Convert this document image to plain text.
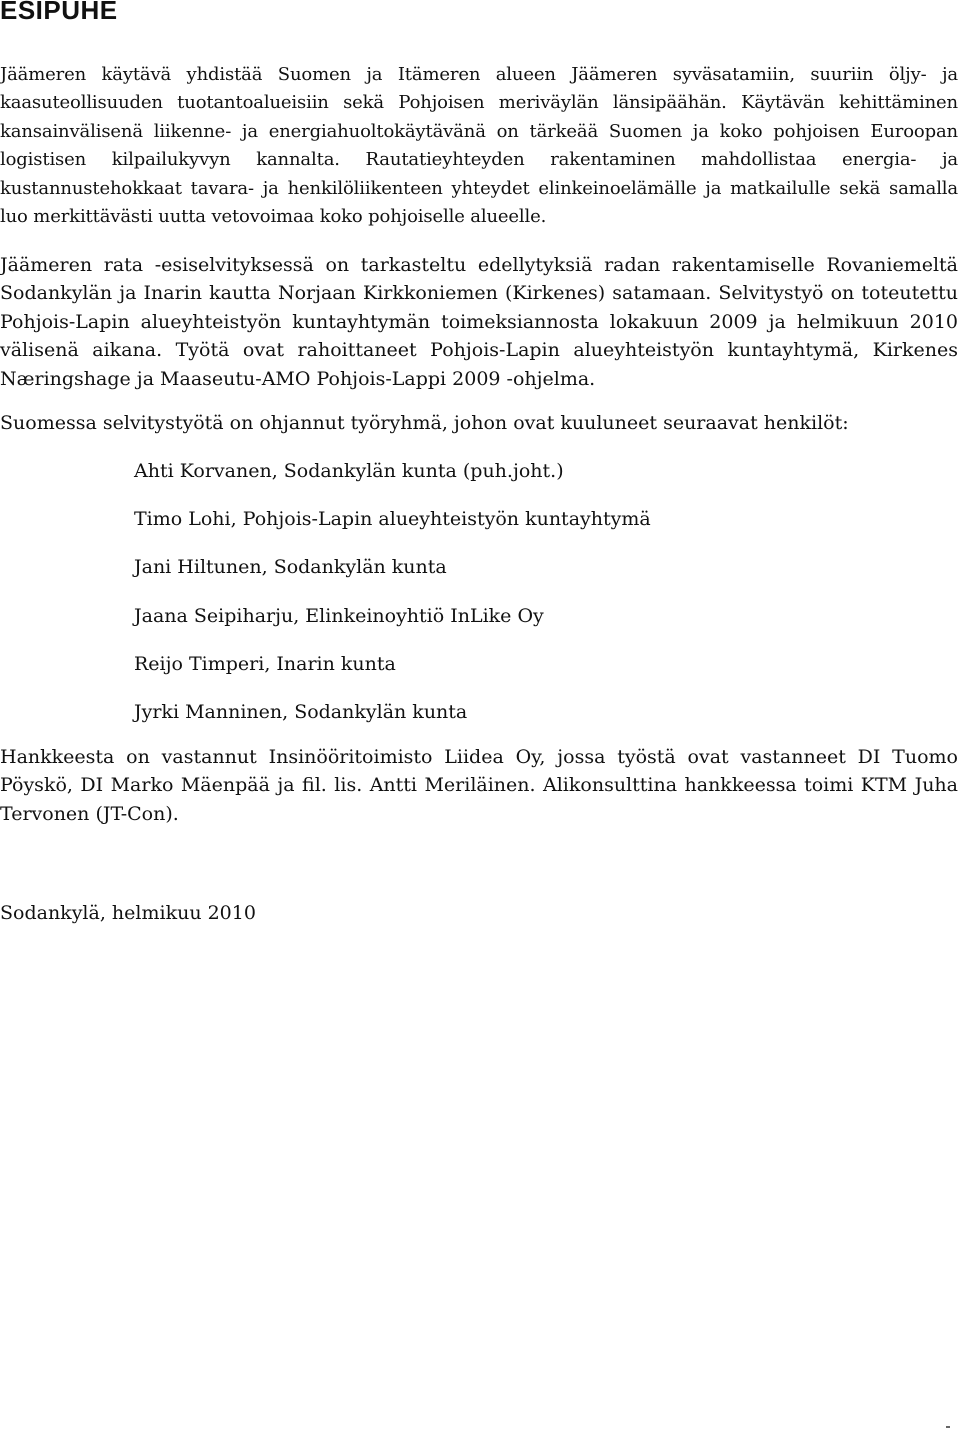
ESIPUHE

Jäämeren käytävä yhdistää Suomen ja Itämeren alueen Jäämeren syväsatamiin, suuriin öljy- ja kaasuteollisuuden tuotantoalueisiin sekä Pohjoisen meriväylän länsipäähän. Käytävän kehittäminen kansainvälisenä liikenne- ja energiahuoltokäytävänä on tärkeää Suomen ja koko pohjoisen Euroopan logistisen kilpailukyvyn kannalta. Rautatieyhteyden rakentaminen mahdollistaa energia- ja kustannustehokkaat tavara- ja henkilöliikenteen yhteydet elinkeinoelämälle ja matkailulle sekä samalla luo merkittävästi uutta vetovoimaa koko pohjoiselle alueelle.

Jäämeren rata -esiselvityksessä on tarkasteltu edellytyksiä radan rakentamiselle Rovaniemeltä Sodankylän ja Inarin kautta Norjaan Kirkkoniemen (Kirkenes) satamaan. Selvitystyö on toteutettu Pohjois-Lapin alueyhteistyön kuntayhtymän toimeksiannosta lokakuun 2009 ja helmikuun 2010 välisenä aikana. Työtä ovat rahoittaneet Pohjois-Lapin alueyhteistyön kuntayhtymä, Kirkenes Næringshage ja Maaseutu-AMO Pohjois-Lappi 2009 -ohjelma.

Suomessa selvitystyötä on ohjannut työryhmä, johon ovat kuuluneet seuraavat henkilöt:

Ahti Korvanen, Sodankylän kunta (puh.joht.)
Timo Lohi, Pohjois-Lapin alueyhteistyön kuntayhtymä
Jani Hiltunen, Sodankylän kunta
Jaana Seipiharju, Elinkeinoyhtiö InLike Oy
Reijo Timperi, Inarin kunta
Jyrki Manninen, Sodankylän kunta

Hankkeesta on vastannut Insinööritoimisto Liidea Oy, jossa työstä ovat vastanneet DI Tuomo Pöyskö, DI Marko Mäenpää ja fil. lis. Antti Meriläinen. Alikonsulttina hankkeessa toimi KTM Juha Tervonen (JT-Con).

Sodankylä, helmikuu 2010
